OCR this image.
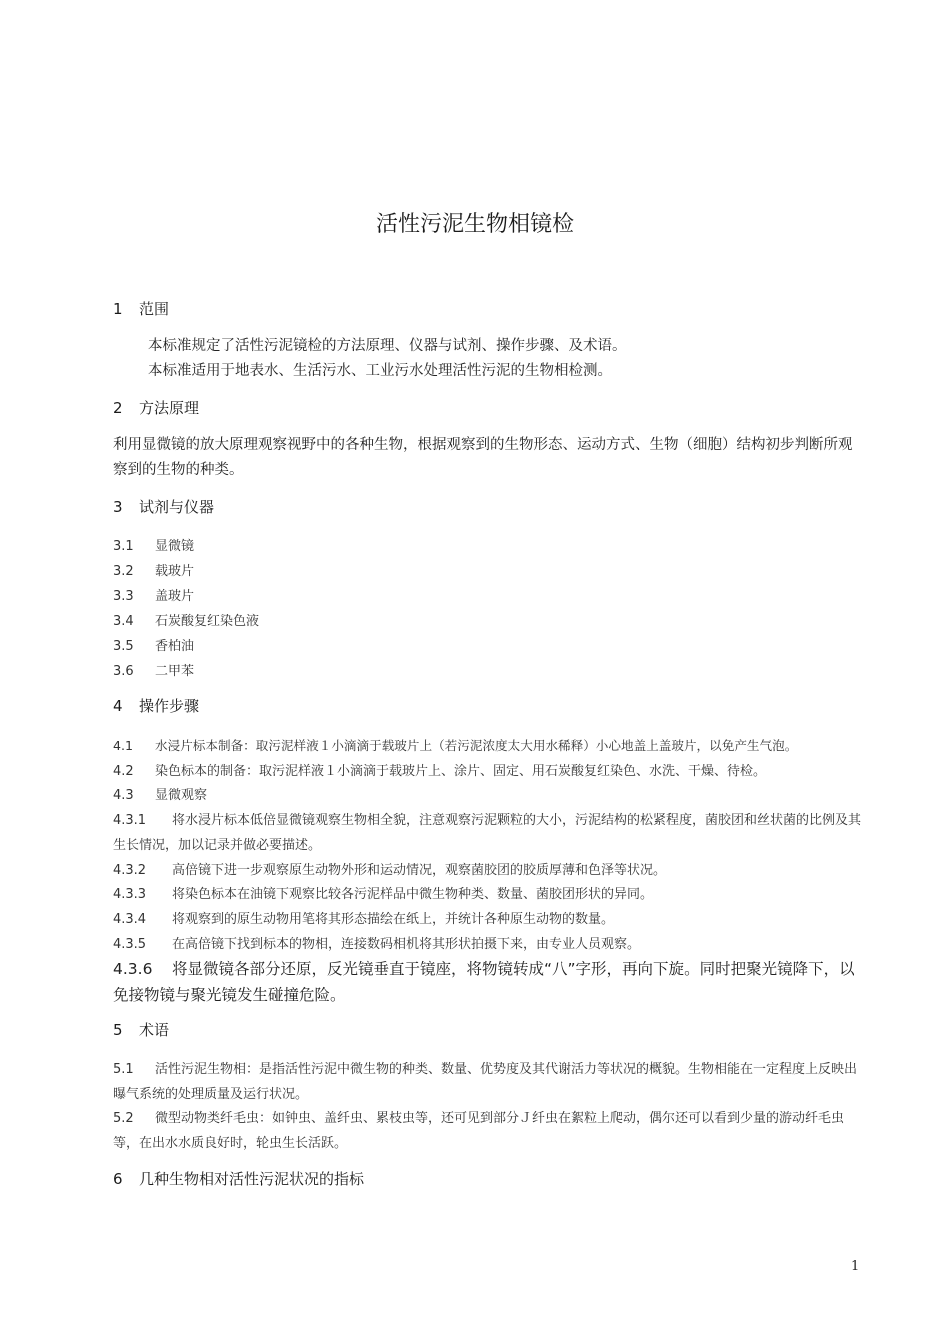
活性污泥生物相镜检
1 范围
本标准规定了活性污泥镜检的方法原理、仪器与试剂、操作步骤、及术语。
本标准适用于地表水、生活污水、工业污水处理活性污泥的生物相检测。
2 方法原理
利用显微镜的放大原理观察视野中的各种生物，根据观察到的生物形态、运动方式、生物（细胞）结构初步判断所观察到的生物的种类。
3 试剂与仪器
3.1 显微镜
3.2 载玻片
3.3 盖玻片
3.4 石炭酸复红染色液
3.5 香柏油
3.6 二甲苯
4 操作步骤
4.1 水浸片标本制备：取污泥样液１小滴滴于载玻片上（若污泥浓度太大用水稀释）小心地盖上盖玻片，以免产生气泡。
4.2 染色标本的制备：取污泥样液１小滴滴于载玻片上、涂片、固定、用石炭酸复红染色、水洗、干燥、待检。
4.3 显微观察
4.3.1 将水浸片标本低倍显微镜观察生物相全貌，注意观察污泥颗粒的大小，污泥结构的松紧程度，菌胶团和丝状菌的比例及其生长情况，加以记录并做必要描述。
4.3.2 高倍镜下进一步观察原生动物外形和运动情况，观察菌胶团的胶质厚薄和色泽等状况。
4.3.3 将染色标本在油镜下观察比较各污泥样品中微生物种类、数量、菌胶团形状的异同。
4.3.4 将观察到的原生动物用笔将其形态描绘在纸上，并统计各种原生动物的数量。
4.3.5 在高倍镜下找到标本的物相，连接数码相机将其形状拍摄下来，由专业人员观察。
4.3.6 将显微镜各部分还原，反光镜垂直于镜座，将物镜转成“八”字形，再向下旋。同时把聚光镜降下，以免接物镜与聚光镜发生碰撞危险。
5 术语
5.1 活性污泥生物相：是指活性污泥中微生物的种类、数量、优势度及其代谢活力等状况的概貌。生物相能在一定程度上反映出曝气系统的处理质量及运行状况。
5.2 微型动物类纤毛虫：如钟虫、盖纤虫、累枝虫等，还可见到部分Ｊ纤虫在絮粒上爬动，偶尔还可以看到少量的游动纤毛虫等，在出水水质良好时，轮虫生长活跃。
6 几种生物相对活性污泥状况的指标
1
